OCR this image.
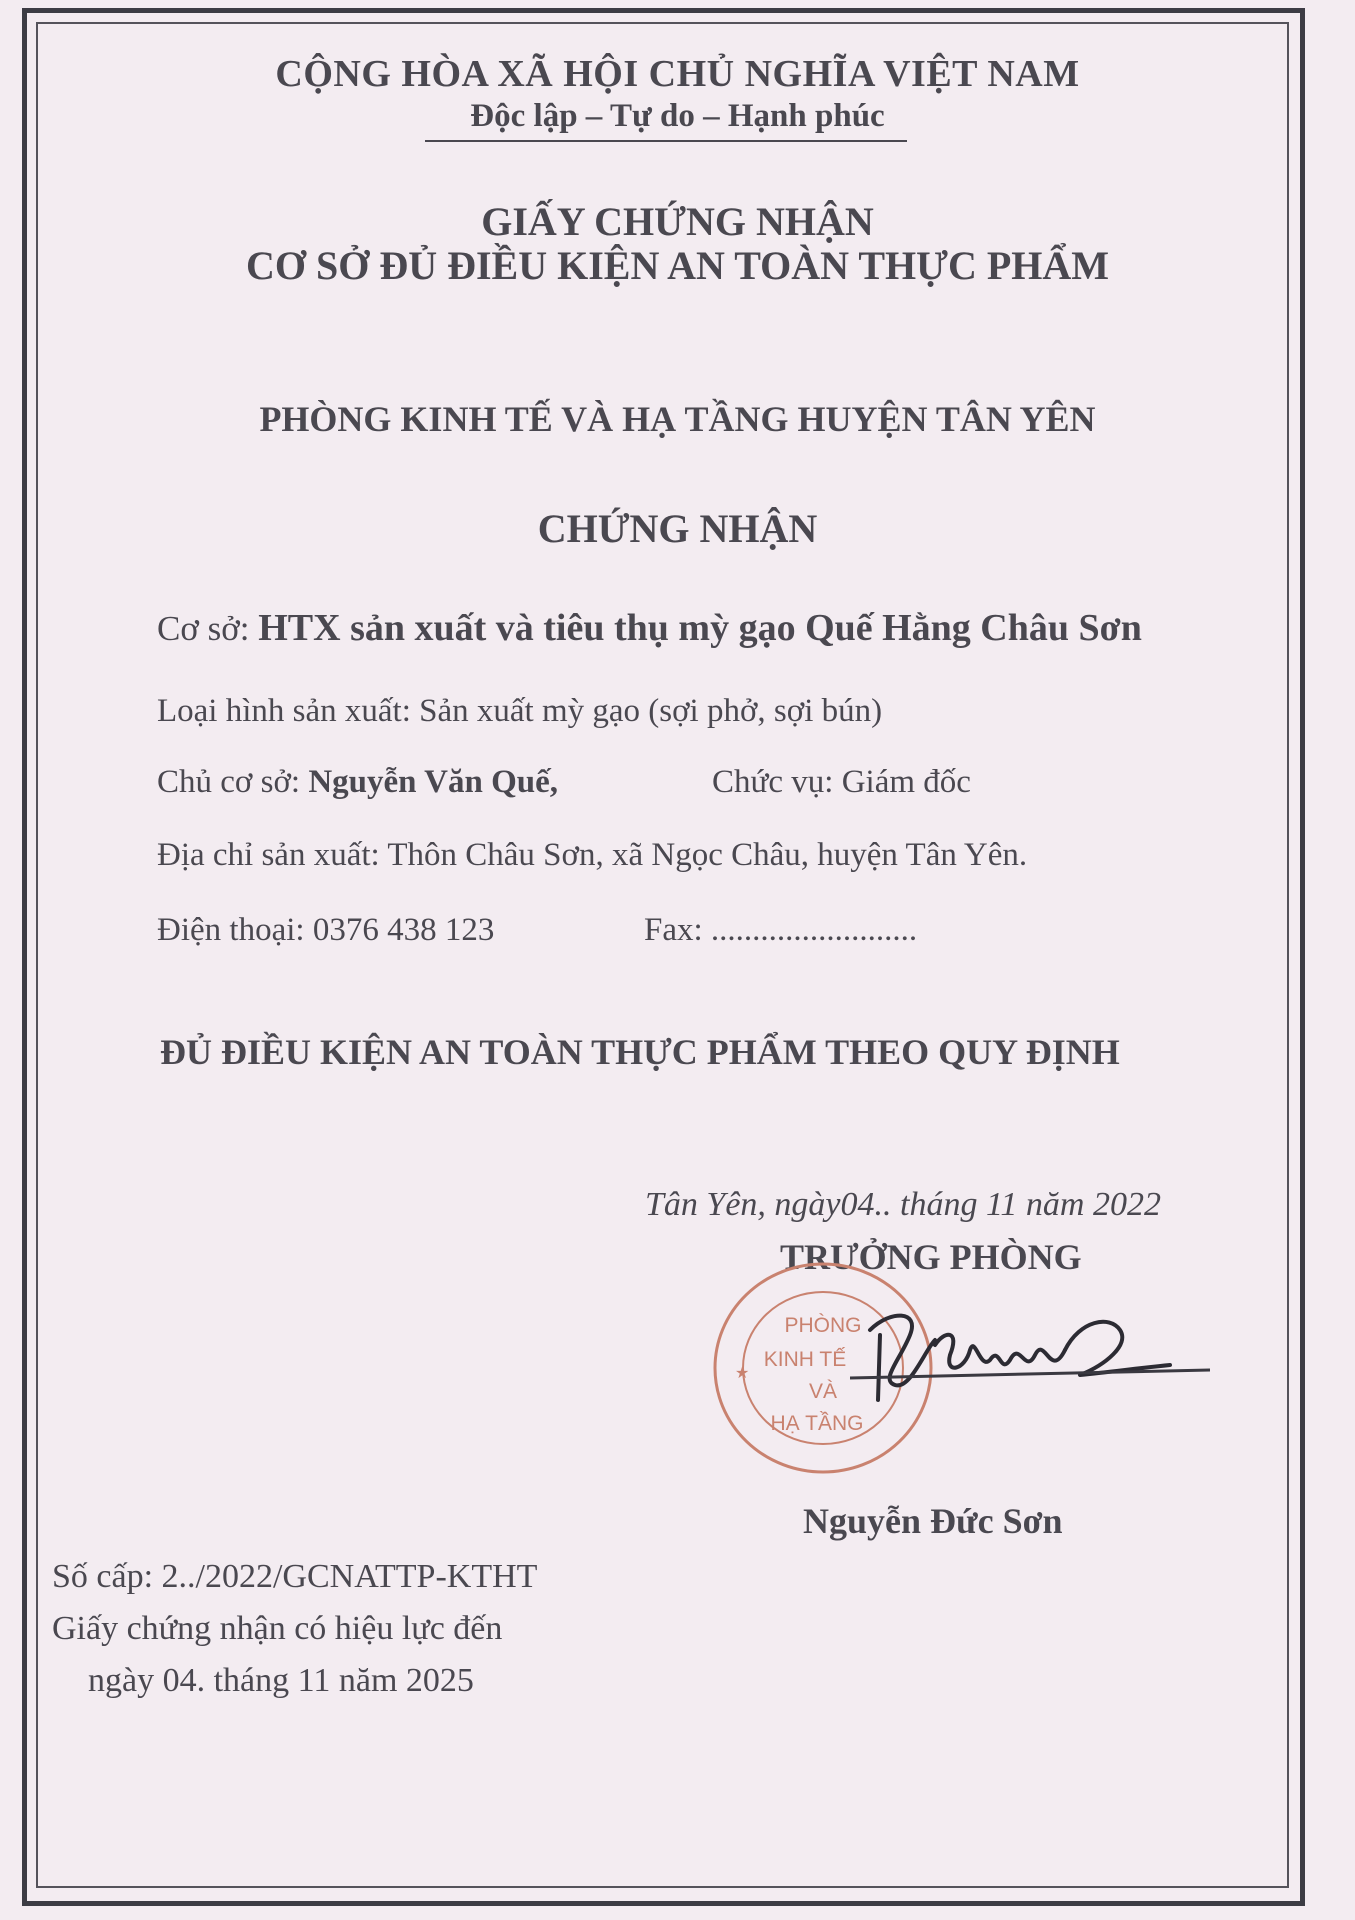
CỘNG HÒA XÃ HỘI CHỦ NGHĨA VIỆT NAM
Độc lập – Tự do – Hạnh phúc
GIẤY CHỨNG NHẬN
CƠ SỞ ĐỦ ĐIỀU KIỆN AN TOÀN THỰC PHẨM
PHÒNG KINH TẾ VÀ HẠ TẦNG HUYỆN TÂN YÊN
CHỨNG NHẬN
Cơ sở: HTX sản xuất và tiêu thụ mỳ gạo Quế Hằng Châu Sơn
Loại hình sản xuất: Sản xuất mỳ gạo (sợi phở, sợi bún)
Chủ cơ sở: Nguyễn Văn Quế,	Chức vụ: Giám đốc
Địa chỉ sản xuất: Thôn Châu Sơn, xã Ngọc Châu, huyện Tân Yên.
Điện thoại: 0376 438 123	Fax: .........................
ĐỦ ĐIỀU KIỆN AN TOÀN THỰC PHẨM THEO QUY ĐỊNH
Tân Yên, ngày04.. tháng 11 năm 2022
TRƯỞNG PHÒNG
PHÒNG
KINH TẾ
VÀ
HẠ TẦNG
★
Nguyễn Đức Sơn
Số cấp: 2../2022/GCNATTP-KTHT
Giấy chứng nhận có hiệu lực đến
ngày 04. tháng 11 năm 2025
